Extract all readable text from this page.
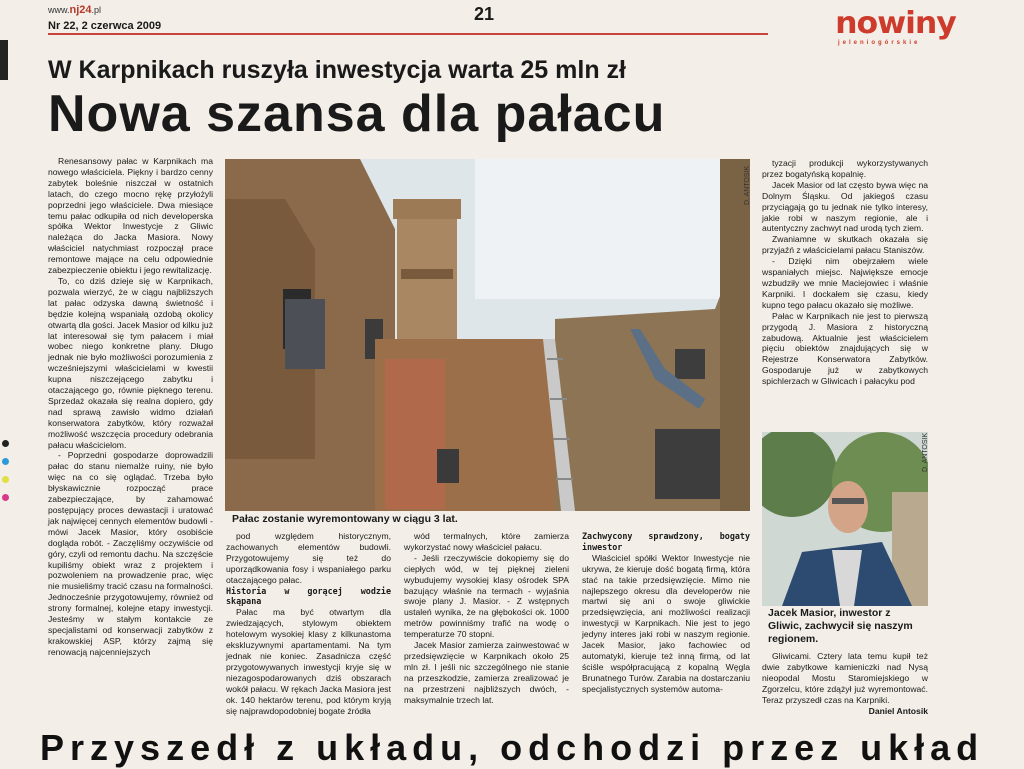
www.nj24.pl
Nr 22, 2 czerwca 2009
21	nowiny
jeleniogórskie
W Karpnikach ruszyła inwestycja warta 25 mln zł
Nowa szansa dla pałacu

Renesansowy pałac w Karpnikach ma nowego właściciela. Piękny i bardzo cenny zabytek boleśnie niszczał w ostatnich latach, do czego mocno rękę przyłożyli poprzedni jego właściciele. Dwa miesiące temu pałac odkupiła od nich developerska spółka Wektor Inwestycje z Gliwic należąca do Jacka Masiora. Nowy właściciel natychmiast rozpoczął prace remontowe mające na celu odpowiednie zabezpieczenie obiektu i jego rewitalizację.

To, co dziś dzieje się w Karpnikach, pozwala wierzyć, że w ciągu najbliższych lat pałac odzyska dawną świetność i będzie kolejną wspaniałą ozdobą okolicy otwartą dla gości. Jacek Masior od kilku już lat interesował się tym pałacem i miał wobec niego konkretne plany. Długo jednak nie było możliwości porozumienia z wcześniejszymi właścicielami w kwestii kupna niszczejącego zabytku i otaczającego go, równie pięknego terenu. Sprzedaż okazała się realna dopiero, gdy nad sprawą zawisło widmo działań konserwatora zabytków, który rozważał możliwość wszczęcia procedury odebrania pałacu właścicielom.

- Poprzedni gospodarze doprowadzili pałac do stanu niemalże ruiny, nie było więc na co się oglądać. Trzeba było błyskawicznie rozpocząć prace zabezpieczające, by zahamować postępujący proces dewastacji i uratować jak najwięcej cennych elementów budowli - mówi Jacek Masior, który osobiście dogląda robót. - Zaczęliśmy oczywiście od góry, czyli od remontu dachu. Na szczęście kupiliśmy obiekt wraz z projektem i pozwoleniem na prowadzenie prac, więc nie musieliśmy tracić czasu na formalności. Jednocześnie przygotowujemy, również od strony formalnej, kolejne etapy inwestycji. Jesteśmy w stałym kontakcie ze specjalistami od konserwacji zabytków z krakowskiej ASP, którzy zajmą się renowacją najcenniejszych

D. ANTOSIK
Pałac zostanie wyremontowany w ciągu 3 lat.

pod względem historycznym, zachowanych elementów budowli. Przygotowujemy się też do uporządkowania fosy i wspaniałego parku otaczającego pałac.

Historia w gorącej wodzie skąpana

Pałac ma być otwartym dla zwiedzających, stylowym obiektem hotelowym wysokiej klasy z kilkunastoma ekskluzywnymi apartamentami. Na tym jednak nie koniec. Zasadnicza część przygotowywanych inwestycji kryje się w niezagospodarowanych dziś obszarach wokół pałacu. W rękach Jacka Masiora jest ok. 140 hektarów terenu, pod którym kryją się najprawdopodobniej bogate źródła

wód termalnych, które zamierza wykorzystać nowy właściciel pałacu.

- Jeśli rzeczywiście dokopiemy się do ciepłych wód, w tej pięknej zieleni wybudujemy wysokiej klasy ośrodek SPA bazujący właśnie na termach - wyjaśnia swoje plany J. Masior. - Z wstępnych ustaleń wynika, że na głębokości ok. 1000 metrów powinniśmy trafić na wodę o temperaturze 70 stopni.

Jacek Masior zamierza zainwestować w przedsięwzięcie w Karpnikach około 25 mln zł. I jeśli nic szczególnego nie stanie na przeszkodzie, zamierza zrealizować je na przestrzeni najbliższych dwóch, - maksymalnie trzech lat.

Zachwycony sprawdzony, bogaty inwestor

Właściciel spółki Wektor Inwestycje nie ukrywa, że kieruje dość bogatą firmą, która stać na takie przedsięwzięcie. Mimo nie najlepszego okresu dla developerów nie martwi się ani o swoje gliwickie przedsięwzięcia, ani możliwości realizacji inwestycji w Karpnikach. Nie jest to jego jedyny interes jaki robi w naszym regionie. Jacek Masior, jako fachowiec od automatyki, kieruje też inną firmą, od lat ściśle współpracującą z kopalną Węgla Brunatnego Turów. Zarabia na dostarczaniu specjalistycznych systemów automa-

tyzacji produkcji wykorzystywanych przez bogatyńską kopalnię.

Jacek Masior od lat często bywa więc na Dolnym Śląsku. Od jakiegoś czasu przyciągają go tu jednak nie tylko interesy, jakie robi w naszym regionie, ale i autentyczny zachwyt nad urodą tych ziem.

Zwaniamne w skutkach okazała się przyjaźń z właścicielami pałacu Staniszów.

- Dzięki nim obejrzałem wiele wspaniałych miejsc. Największe emocje wzbudziły we mnie Maciejowiec i właśnie Karpniki. I dockałem się czasu, kiedy kupno tego pałacu okazało się możliwe.

Pałac w Karpnikach nie jest to pierwszą przygodą J. Masiora z historyczną zabudową. Aktualnie jest właścicielem pięciu obiektów znajdujących się w Rejestrze Konserwatora Zabytków. Gospodaruje już w zabytkowych spichlerzach w Gliwicach i pałacyku pod

D. ANTOSIK
Jacek Masior, inwestor z Gliwic, zachwycił się naszym regionem.

Gliwicami. Cztery lata temu kupił też dwie zabytkowe kamieniczki nad Nysą nieopodal Mostu Staromiejskiego w Zgorzelcu, które zdążył już wyremontować. Teraz przyszedł czas na Karpniki.

Daniel Antosik

Przyszedł z układu, odchodzi przez układ
